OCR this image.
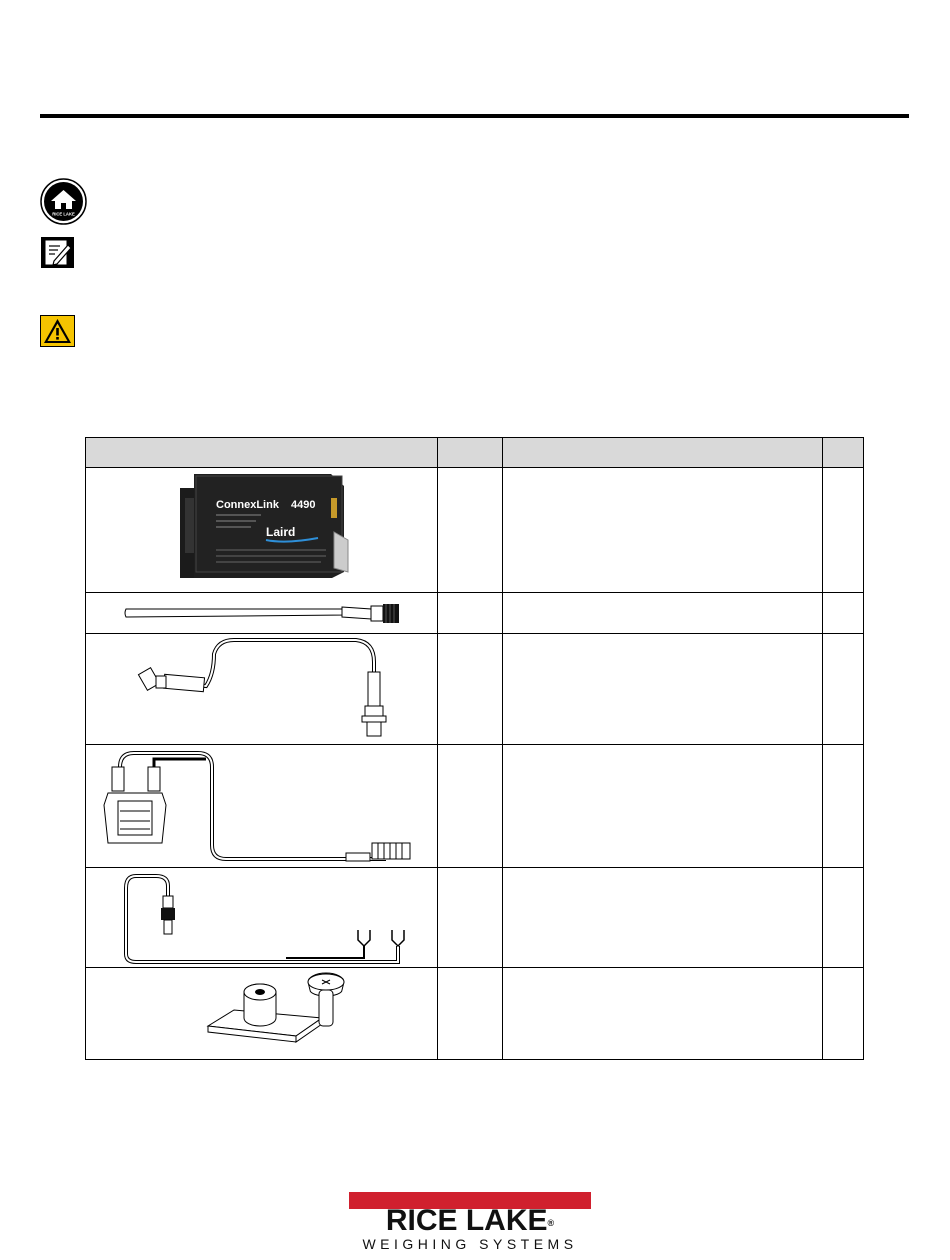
RICE LAKE

ConnexLink 4490
Laird			

RICE LAKE®
WEIGHING SYSTEMS
